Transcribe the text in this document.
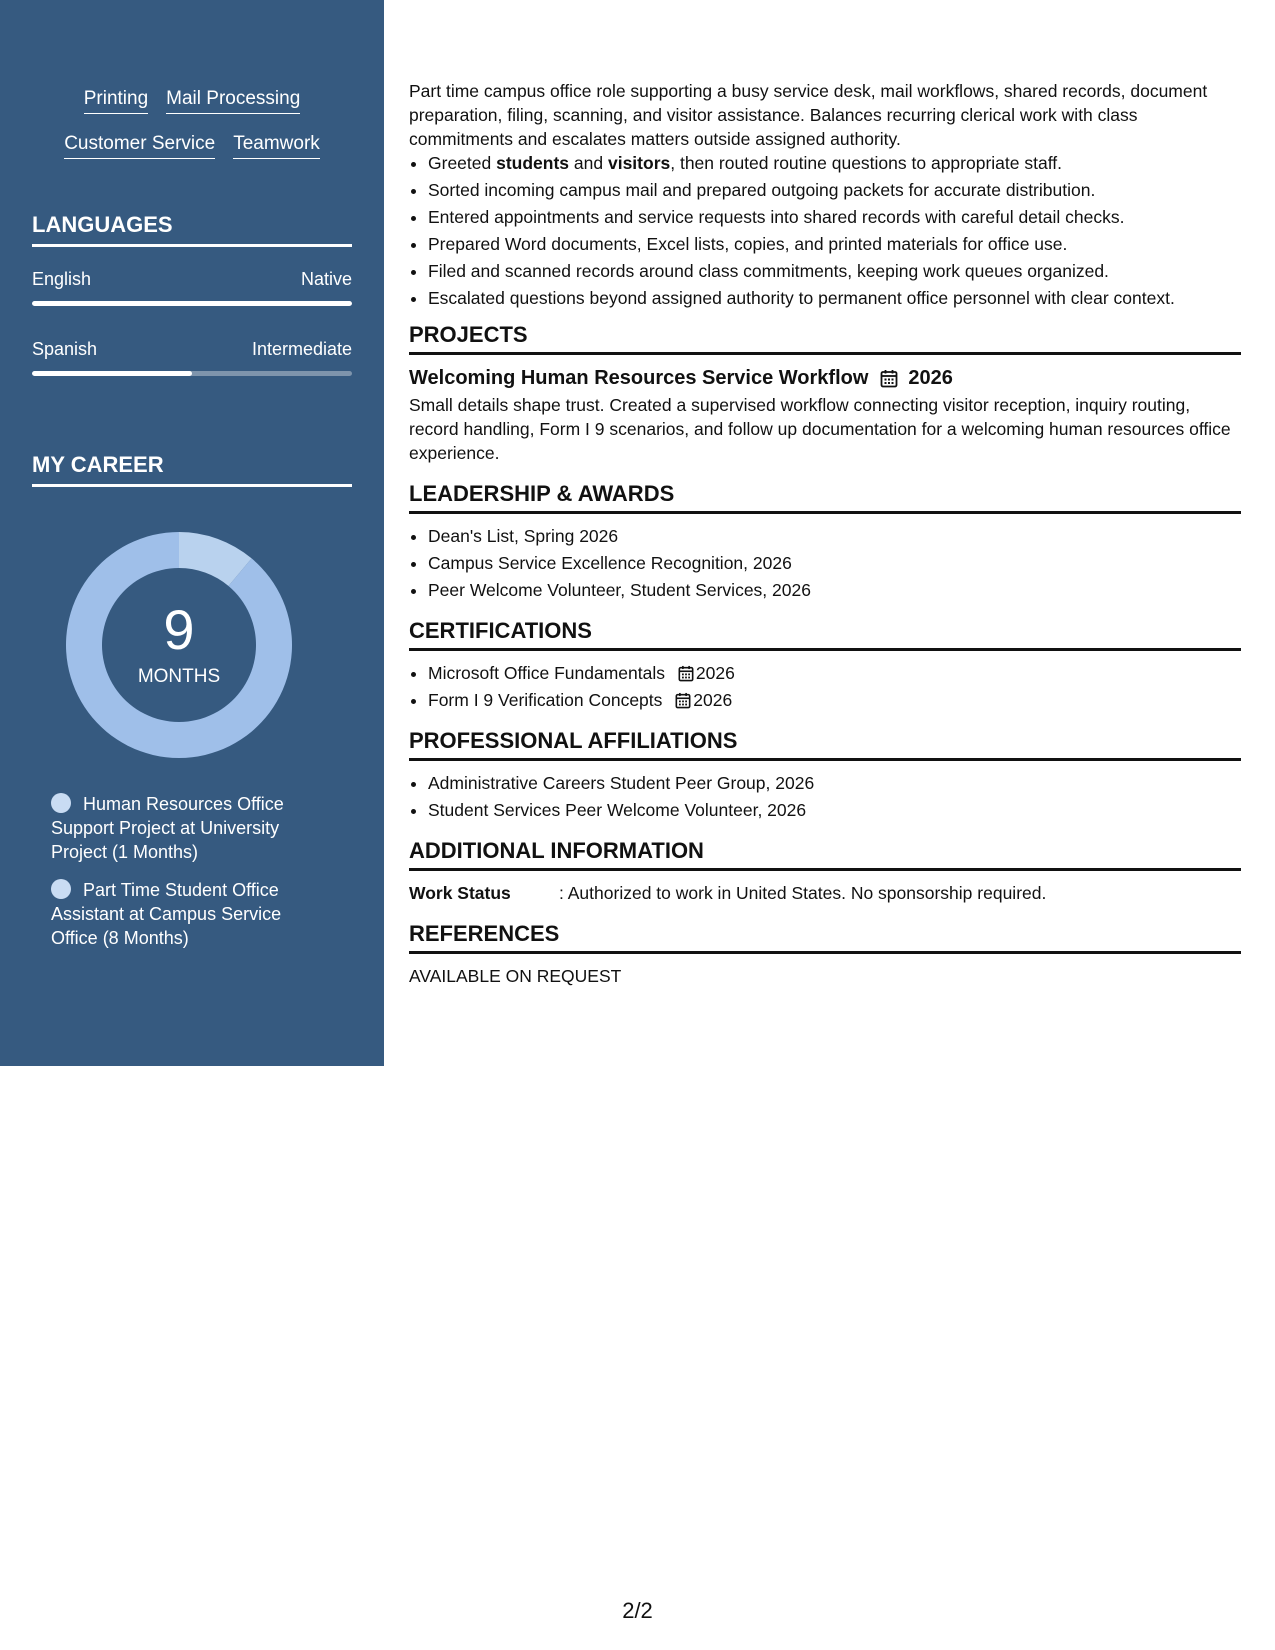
Printing Mail Processing
Customer Service Teamwork
LANGUAGES
English	Native
Spanish	Intermediate
MY CAREER
9
MONTHS
Human Resources Office Support Project at University Project (1 Months)
Part Time Student Office Assistant at Campus Service Office (8 Months)

Part time campus office role supporting a busy service desk, mail workflows, shared records, document preparation, filing, scanning, and visitor assistance. Balances recurring clerical work with class commitments and escalates matters outside assigned authority.

• Greeted students and visitors, then routed routine questions to appropriate staff.
• Sorted incoming campus mail and prepared outgoing packets for accurate distribution.
• Entered appointments and service requests into shared records with careful detail checks.
• Prepared Word documents, Excel lists, copies, and printed materials for office use.
• Filed and scanned records around class commitments, keeping work queues organized.
• Escalated questions beyond assigned authority to permanent office personnel with clear context.
PROJECTS
Welcoming Human Resources Service Workflow 2026

Small details shape trust. Created a supervised workflow connecting visitor reception, inquiry routing, record handling, Form I 9 scenarios, and follow up documentation for a welcoming human resources office experience.

LEADERSHIP & AWARDS
• Dean's List, Spring 2026
• Campus Service Excellence Recognition, 2026
• Peer Welcome Volunteer, Student Services, 2026
CERTIFICATIONS
• Microsoft Office Fundamentals 2026
• Form I 9 Verification Concepts 2026
PROFESSIONAL AFFILIATIONS
• Administrative Careers Student Peer Group, 2026
• Student Services Peer Welcome Volunteer, 2026
ADDITIONAL INFORMATION
Work Status	: Authorized to work in United States. No sponsorship required.
REFERENCES
AVAILABLE ON REQUEST
2/2
